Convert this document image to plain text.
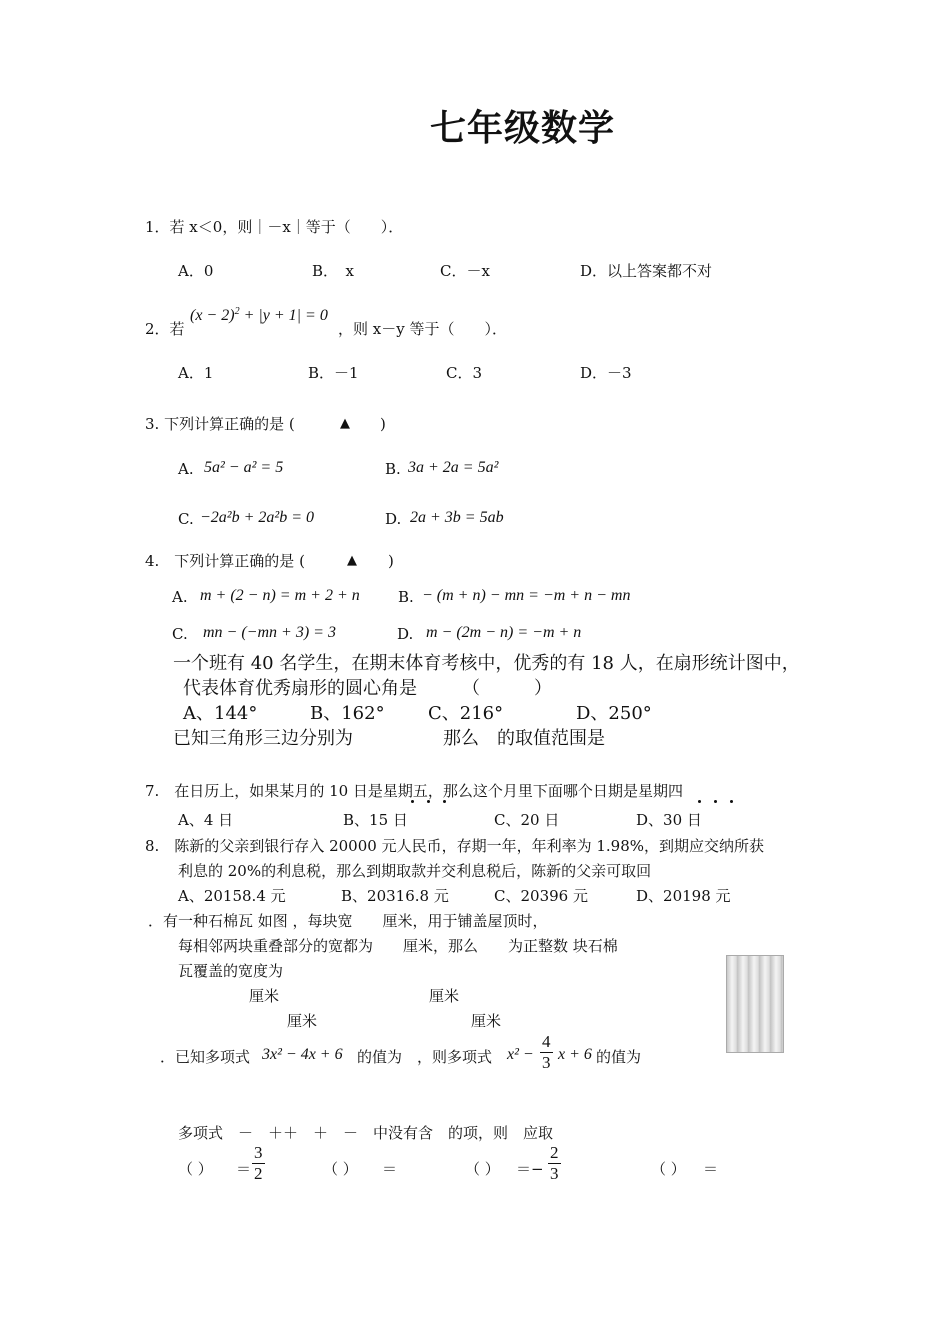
七年级数学
1．若 x＜0，则｜－x｜等于（　　）．
A．0	B．　x	C．－x	D．以上答案都不对
2．若
$(x - 2)^2 + |y + 1| = 0$
，则 x－y 等于（　　）．
A．1	B．－1	C．3	D．－3
3. 下列计算正确的是 (	▲ )
A. 5a² − a² = 5	B. 3a + 2a = 5a²
C. −2a²b + 2a²b = 0	D. 2a + 3b = 5ab
4.　下列计算正确的是 (	▲ )
A. m + (2 − n) = m + 2 + n	B. − (m + n) − mn = −m + n − mn
C. mn − (−mn + 3) = 3	D. m − (2m − n) = −m + n
一个班有 40 名学生，在期末体育考核中，优秀的有 18 人，在扇形统计图中，
代表体育优秀扇形的圆心角是　　　（　　　）
A、144°	B、162° C、216°	D、250°
已知三角形三边分别为　　　　　那么　的取值范围是
7.　在日历上，如果某月的 10 日是星期五，那么这个月里下面哪个日期是星期四
A、4 日	B、15 日	C、20 日	D、30 日
8.　陈新的父亲到银行存入 20000 元人民币，存期一年，年利率为 1.98%，到期应交纳所获
利息的 20%的利息税，那么到期取款并交利息税后，陈新的父亲可取回
A、20158.4 元	B、20316.8 元	C、20396 元	D、20198 元
．有一种石棉瓦 如图 ，每块宽　　厘米，用于铺盖屋顶时，
每相邻两块重叠部分的宽都为　　厘米，那么　　为正整数 块石棉
瓦覆盖的宽度为
厘米	厘米
厘米	厘米
．已知多项式 3x² − 4x + 6 的值为　，则多项式 $x^2 - \frac{4}{3}$ x + 6 的值为
多项式　－　＋＋　＋　－　中没有含　的项，则　应取
（ ） ＝ $\frac{3}{2}$	（ ） ＝	（ ） ＝− $\frac{2}{3}$	（ ） ＝
